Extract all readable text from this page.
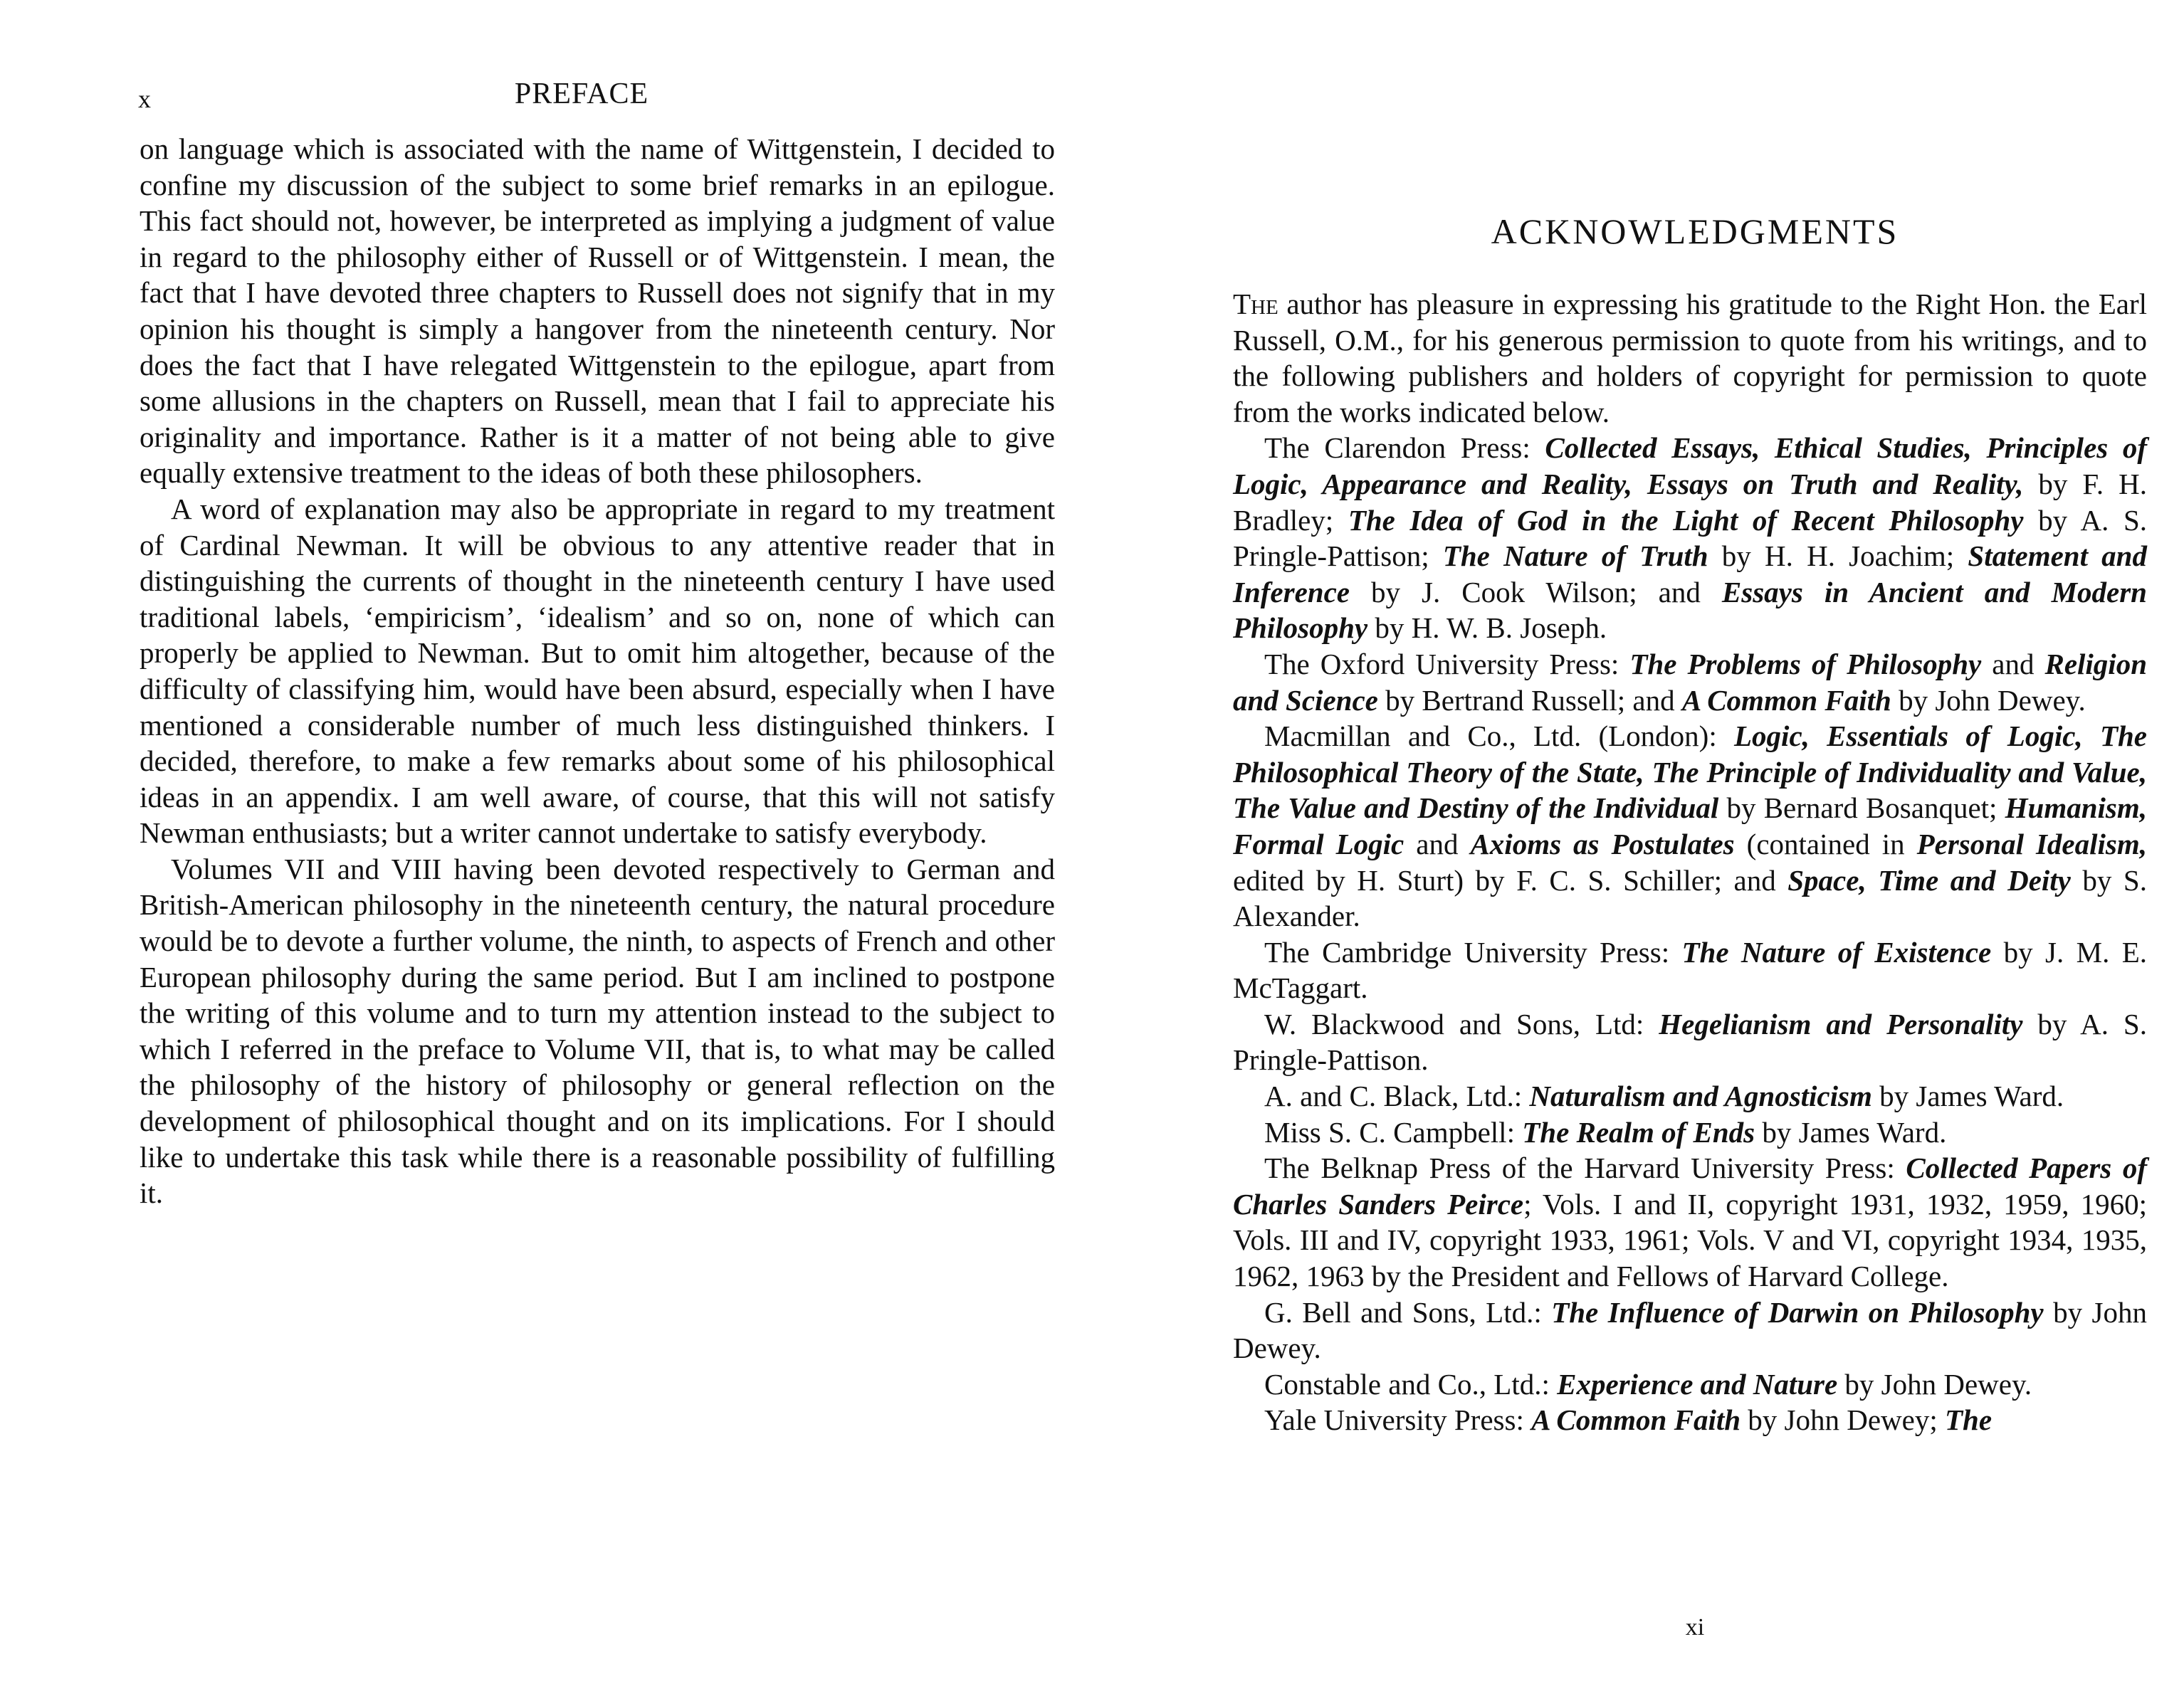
x	PREFACE

on language which is associated with the name of Wittgenstein, I decided to confine my discussion of the subject to some brief remarks in an epilogue. This fact should not, however, be interpreted as implying a judgment of value in regard to the philosophy either of Russell or of Wittgenstein. I mean, the fact that I have devoted three chapters to Russell does not signify that in my opinion his thought is simply a hangover from the nineteenth century. Nor does the fact that I have relegated Wittgenstein to the epilogue, apart from some allusions in the chapters on Russell, mean that I fail to appreciate his originality and importance. Rather is it a matter of not being able to give equally extensive treatment to the ideas of both these philosophers.

A word of explanation may also be appropriate in regard to my treatment of Cardinal Newman. It will be obvious to any attentive reader that in distinguishing the currents of thought in the nineteenth century I have used traditional labels, ‘empiricism’, ‘idealism’ and so on, none of which can properly be applied to Newman. But to omit him altogether, because of the difficulty of classifying him, would have been absurd, especially when I have mentioned a considerable number of much less distinguished thinkers. I decided, therefore, to make a few remarks about some of his philosophical ideas in an appendix. I am well aware, of course, that this will not satisfy Newman enthusiasts; but a writer cannot undertake to satisfy everybody.

Volumes VII and VIII having been devoted respectively to German and British-American philosophy in the nineteenth century, the natural procedure would be to devote a further volume, the ninth, to aspects of French and other European philosophy during the same period. But I am inclined to postpone the writing of this volume and to turn my attention instead to the subject to which I referred in the preface to Volume VII, that is, to what may be called the philosophy of the history of philosophy or general reflection on the development of philosophical thought and on its implications. For I should like to undertake this task while there is a reasonable possibility of fulfilling it.

ACKNOWLEDGMENTS

The author has pleasure in expressing his gratitude to the Right Hon. the Earl Russell, O.M., for his generous permission to quote from his writings, and to the following publishers and holders of copyright for permission to quote from the works indicated below.

The Clarendon Press: Collected Essays, Ethical Studies, Principles of Logic, Appearance and Reality, Essays on Truth and Reality, by F. H. Bradley; The Idea of God in the Light of Recent Philosophy by A. S. Pringle-Pattison; The Nature of Truth by H. H. Joachim; Statement and Inference by J. Cook Wilson; and Essays in Ancient and Modern Philosophy by H. W. B. Joseph.

The Oxford University Press: The Problems of Philosophy and Religion and Science by Bertrand Russell; and A Common Faith by John Dewey.

Macmillan and Co., Ltd. (London): Logic, Essentials of Logic, The Philosophical Theory of the State, The Principle of Individuality and Value, The Value and Destiny of the Individual by Bernard Bosanquet; Humanism, Formal Logic and Axioms as Postulates (contained in Personal Idealism, edited by H. Sturt) by F. C. S. Schiller; and Space, Time and Deity by S. Alexander.

The Cambridge University Press: The Nature of Existence by J. M. E. McTaggart.

W. Blackwood and Sons, Ltd: Hegelianism and Personality by A. S. Pringle-Pattison.

A. and C. Black, Ltd.: Naturalism and Agnosticism by James Ward.

Miss S. C. Campbell: The Realm of Ends by James Ward.

The Belknap Press of the Harvard University Press: Collected Papers of Charles Sanders Peirce; Vols. I and II, copyright 1931, 1932, 1959, 1960; Vols. III and IV, copyright 1933, 1961; Vols. V and VI, copyright 1934, 1935, 1962, 1963 by the President and Fellows of Harvard College.

G. Bell and Sons, Ltd.: The Influence of Darwin on Philosophy by John Dewey.

Constable and Co., Ltd.: Experience and Nature by John Dewey.

Yale University Press: A Common Faith by John Dewey; The

xi
